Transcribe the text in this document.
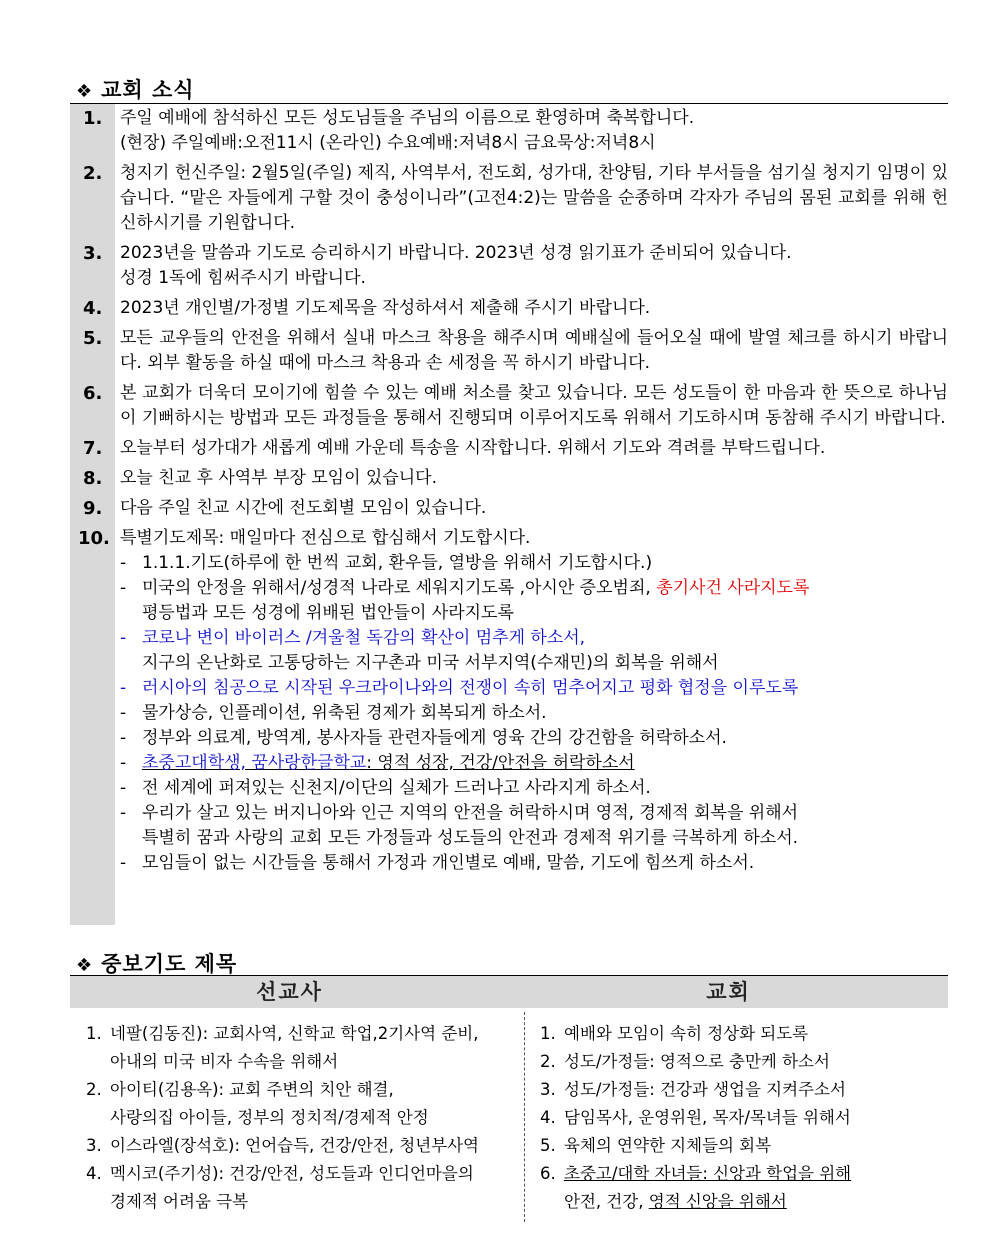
❖ 교회 소식
1. 주일 예배에 참석하신 모든 성도님들을 주님의 이름으로 환영하며 축복합니다.
(현장) 주일예배:오전11시 (온라인) 수요예배:저녁8시 금요묵상:저녁8시
2. 청지기 헌신주일: 2월5일(주일) 제직, 사역부서, 전도회, 성가대, 찬양팀, 기타 부서들을 섬기실 청지기 임명이 있습니다. “맡은 자들에게 구할 것이 충성이니라”(고전4:2)는 말씀을 순종하며 각자가 주님의 몸된 교회를 위해 헌신하시기를 기원합니다.
3. 2023년을 말씀과 기도로 승리하시기 바랍니다. 2023년 성경 읽기표가 준비되어 있습니다.
성경 1독에 힘써주시기 바랍니다.
4. 2023년 개인별/가정별 기도제목을 작성하셔서 제출해 주시기 바랍니다.
5. 모든 교우들의 안전을 위해서 실내 마스크 착용을 해주시며 예배실에 들어오실 때에 발열 체크를 하시기 바랍니다. 외부 활동을 하실 때에 마스크 착용과 손 세정을 꼭 하시기 바랍니다.
6. 본 교회가 더욱더 모이기에 힘쓸 수 있는 예배 처소를 찾고 있습니다. 모든 성도들이 한 마음과 한 뜻으로 하나님이 기뻐하시는 방법과 모든 과정들을 통해서 진행되며 이루어지도록 위해서 기도하시며 동참해 주시기 바랍니다.
7. 오늘부터 성가대가 새롭게 예배 가운데 특송을 시작합니다. 위해서 기도와 격려를 부탁드립니다.
8. 오늘 친교 후 사역부 부장 모임이 있습니다.
9. 다음 주일 친교 시간에 전도회별 모임이 있습니다.
10. 특별기도제목: 매일마다 전심으로 합심해서 기도합시다.
- 1.1.1.기도(하루에 한 번씩 교회, 환우들, 열방을 위해서 기도합시다.)
- 미국의 안정을 위해서/성경적 나라로 세워지기도록 ,아시안 증오범죄, 총기사건 사라지도록
평등법과 모든 성경에 위배된 법안들이 사라지도록
- 코로나 변이 바이러스 /겨울철 독감의 확산이 멈추게 하소서,
지구의 온난화로 고통당하는 지구촌과 미국 서부지역(수재민)의 회복을 위해서
- 러시아의 침공으로 시작된 우크라이나와의 전쟁이 속히 멈추어지고 평화 협정을 이루도록
- 물가상승, 인플레이션, 위축된 경제가 회복되게 하소서.
- 정부와 의료계, 방역계, 봉사자들 관련자들에게 영육 간의 강건함을 허락하소서.
- 초중고대학생, 꿈사랑한글학교: 영적 성장, 건강/안전을 허락하소서
- 전 세계에 퍼져있는 신천지/이단의 실체가 드러나고 사라지게 하소서.
- 우리가 살고 있는 버지니아와 인근 지역의 안전을 허락하시며 영적, 경제적 회복을 위해서
특별히 꿈과 사랑의 교회 모든 가정들과 성도들의 안전과 경제적 위기를 극복하게 하소서.
- 모임들이 없는 시간들을 통해서 가정과 개인별로 예배, 말씀, 기도에 힘쓰게 하소서.
❖ 중보기도 제목
선교사	교회
1. 네팔(김동진): 교회사역, 신학교 학업,2기사역 준비,
아내의 미국 비자 수속을 위해서
2. 아이티(김용옥): 교회 주변의 치안 해결,
사랑의집 아이들, 정부의 정치적/경제적 안정
3. 이스라엘(장석호): 언어습득, 건강/안전, 청년부사역
4. 멕시코(주기성): 건강/안전, 성도들과 인디언마을의
경제적 어려움 극복
1. 예배와 모임이 속히 정상화 되도록
2. 성도/가정들: 영적으로 충만케 하소서
3. 성도/가정들: 건강과 생업을 지켜주소서
4. 담임목사, 운영위원, 목자/목녀들 위해서
5. 육체의 연약한 지체들의 회복
6. 초중고/대학 자녀들: 신앙과 학업을 위해
안전, 건강, 영적 신앙을 위해서
